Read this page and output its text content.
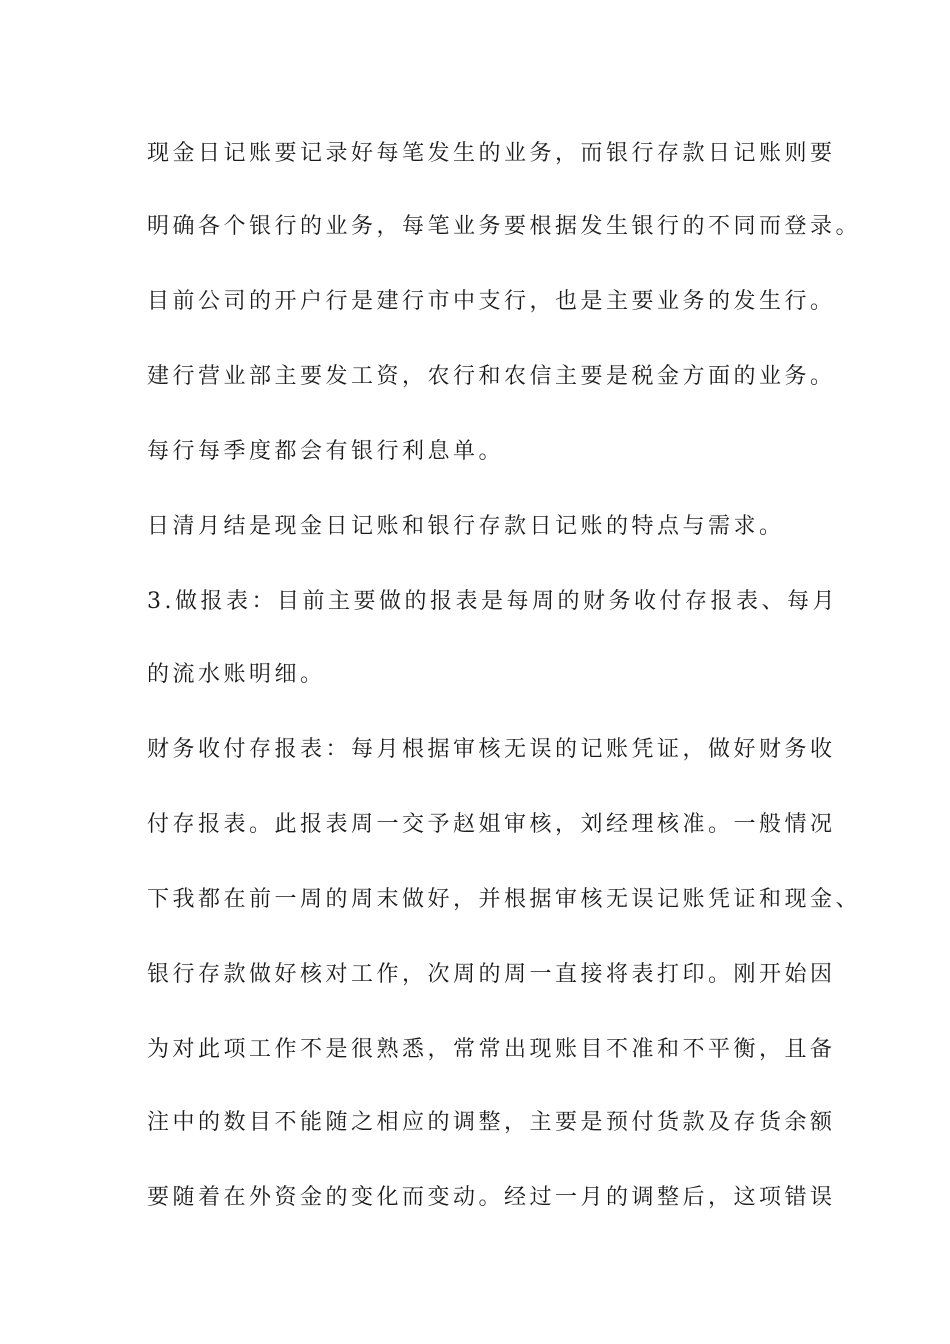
现金日记账要记录好每笔发生的业务，而银行存款日记账则要
明确各个银行的业务，每笔业务要根据发生银行的不同而登录。
目前公司的开户行是建行市中支行，也是主要业务的发生行。
建行营业部主要发工资，农行和农信主要是税金方面的业务。
每行每季度都会有银行利息单。
日清月结是现金日记账和银行存款日记账的特点与需求。
3.做报表：目前主要做的报表是每周的财务收付存报表、每月
的流水账明细。
财务收付存报表：每月根据审核无误的记账凭证，做好财务收
付存报表。此报表周一交予赵姐审核，刘经理核准。一般情况
下我都在前一周的周末做好，并根据审核无误记账凭证和现金、
银行存款做好核对工作，次周的周一直接将表打印。刚开始因
为对此项工作不是很熟悉，常常出现账目不准和不平衡，且备
注中的数目不能随之相应的调整，主要是预付货款及存货余额
要随着在外资金的变化而变动。经过一月的调整后，这项错误
